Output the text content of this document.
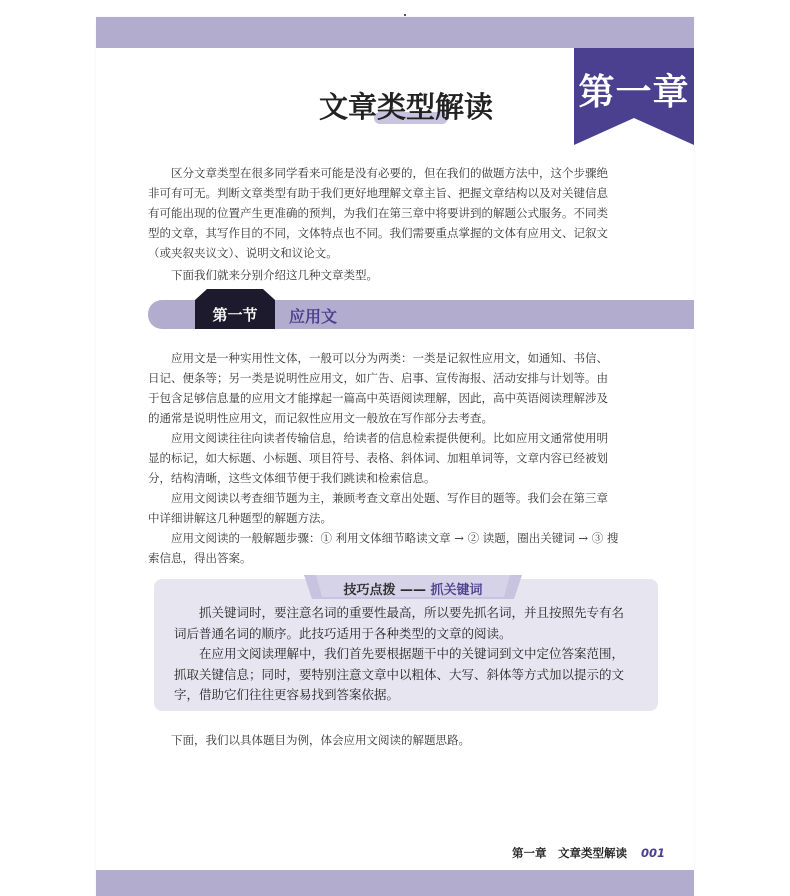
第一章
文章类型解读

区分文章类型在很多同学看来可能是没有必要的，但在我们的做题方法中，这个步骤绝
非可有可无。判断文章类型有助于我们更好地理解文章主旨、把握文章结构以及对关键信息
有可能出现的位置产生更准确的预判，为我们在第三章中将要讲到的解题公式服务。不同类
型的文章，其写作目的不同，文体特点也不同。我们需要重点掌握的文体有应用文、记叙文
（或夹叙夹议文）、说明文和议论文。

下面我们就来分别介绍这几种文章类型。

第一节	应用文

应用文是一种实用性文体，一般可以分为两类：一类是记叙性应用文，如通知、书信、
日记、便条等；另一类是说明性应用文，如广告、启事、宣传海报、活动安排与计划等。由
于包含足够信息量的应用文才能撑起一篇高中英语阅读理解，因此，高中英语阅读理解涉及
的通常是说明性应用文，而记叙性应用文一般放在写作部分去考查。

应用文阅读往往向读者传输信息，给读者的信息检索提供便利。比如应用文通常使用明
显的标记，如大标题、小标题、项目符号、表格、斜体词、加粗单词等，文章内容已经被划
分，结构清晰，这些文体细节便于我们跳读和检索信息。

应用文阅读以考查细节题为主，兼顾考查文章出处题、写作目的题等。我们会在第三章
中详细讲解这几种题型的解题方法。

应用文阅读的一般解题步骤：① 利用文体细节略读文章 → ② 读题，圈出关键词 → ③ 搜
索信息，得出答案。

技巧点拨 —— 抓关键词

抓关键词时，要注意名词的重要性最高，所以要先抓名词，并且按照先专有名
词后普通名词的顺序。此技巧适用于各种类型的文章的阅读。

在应用文阅读理解中，我们首先要根据题干中的关键词到文中定位答案范围，
抓取关键信息；同时，要特别注意文章中以粗体、大写、斜体等方式加以提示的文
字，借助它们往往更容易找到答案依据。

下面，我们以具体题目为例，体会应用文阅读的解题思路。

第一章　文章类型解读 001
